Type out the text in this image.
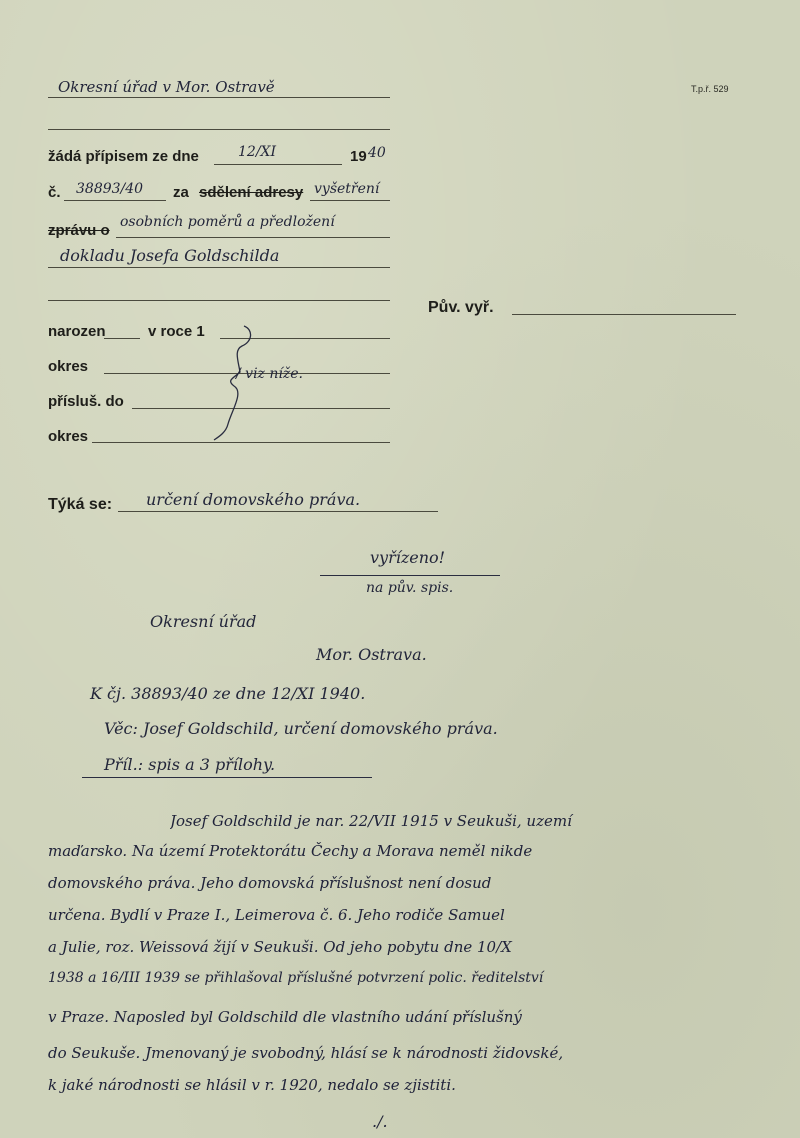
T.p.ř. 529
Okresní úřad v Mor. Ostravě
žádá přípisem ze dne	12/XI	19 40
č. 38893/40 za sdělení adresy vyšetření
zprávu o osobních poměrů a předložení
dokladu Josefa Goldschilda
Pův. vyř.
narozen	v roce 1
okres
přísluš. do
okres
/ viz níže.
Týká se: určení domovského práva.
vyřízeno!
na pův. spis.
Okresní úřad
Mor. Ostrava.
K čj. 38893/40 ze dne 12/XI 1940.
Věc: Josef Goldschild, určení domovského práva.
Příl.: spis a 3 přílohy.
Josef Goldschild je nar. 22/VII 1915 v Seukuši, uzemí
maďarsko. Na území Protektorátu Čechy a Morava neměl nikde
domovského práva. Jeho domovská příslušnost není dosud
určena. Bydlí v Praze I., Leimerova č. 6. Jeho rodiče Samuel
a Julie, roz. Weissová žijí v Seukuši. Od jeho pobytu dne 10/X
1938 a 16/III 1939 se přihlašoval příslušné potvrzení polic. ředitelství
v Praze. Naposled byl Goldschild dle vlastního udání příslušný
do Seukuše. Jmenovaný je svobodný, hlásí se k národnosti židovské,
k jaké národnosti se hlásil v r. 1920, nedalo se zjistiti.
./.
